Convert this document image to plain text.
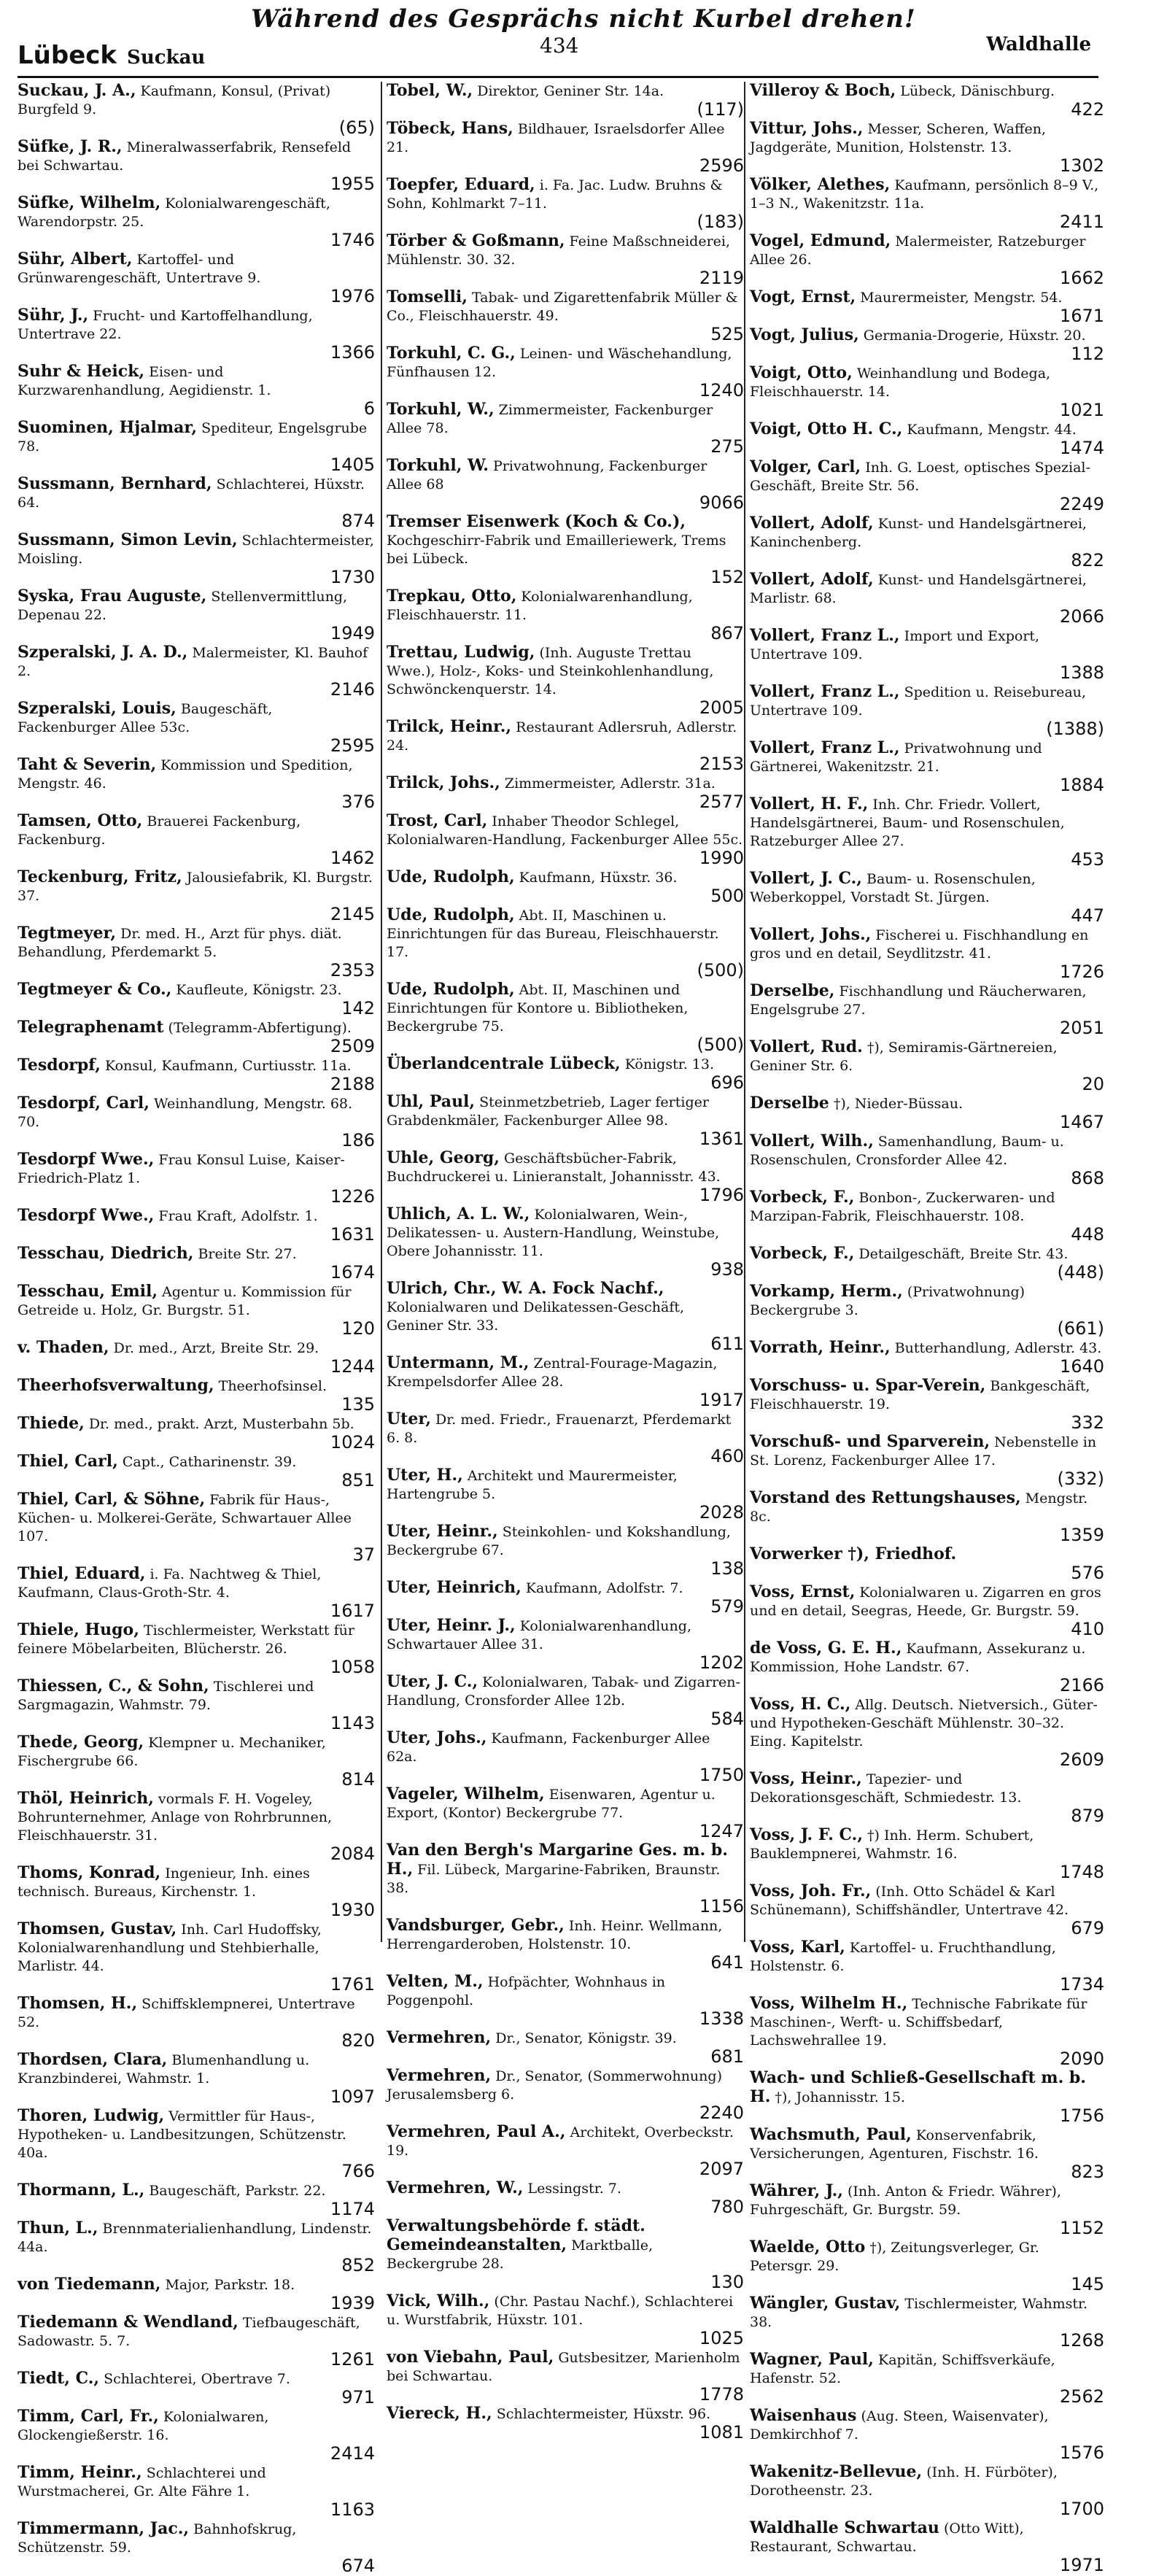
Während des Gesprächs nicht Kurbel drehen!
Lübeck Suckau	434	Waldhalle
Suckau, J. A., Kaufmann, Konsul, (Privat) Burgfeld 9.
(65)
Süfke, J. R., Mineralwasserfabrik, Rensefeld bei Schwartau.
1955
Süfke, Wilhelm, Kolonialwarengeschäft, Warendorpstr. 25.
1746
Sühr, Albert, Kartoffel- und Grünwarengeschäft, Untertrave 9.
1976
Sühr, J., Frucht- und Kartoffelhandlung, Untertrave 22.
1366
Suhr & Heick, Eisen- und Kurzwarenhandlung, Aegidienstr. 1.
6
Suominen, Hjalmar, Spediteur, Engelsgrube 78.
1405
Sussmann, Bernhard, Schlachterei, Hüxstr. 64.
874
Sussmann, Simon Levin, Schlachtermeister, Moisling.
1730
Syska, Frau Auguste, Stellenvermittlung, Depenau 22.
1949
Szperalski, J. A. D., Malermeister, Kl. Bauhof 2.
2146
Szperalski, Louis, Baugeschäft, Fackenburger Allee 53c.
2595
Taht & Severin, Kommission und Spedition, Mengstr. 46.
376
Tamsen, Otto, Brauerei Fackenburg, Fackenburg.
1462
Teckenburg, Fritz, Jalousiefabrik, Kl. Burgstr. 37.
2145
Tegtmeyer, Dr. med. H., Arzt für phys. diät. Behandlung, Pferdemarkt 5.
2353
Tegtmeyer & Co., Kaufleute, Königstr. 23.
142
Telegraphenamt (Telegramm-Abfertigung).
2509
Tesdorpf, Konsul, Kaufmann, Curtiusstr. 11a.
2188
Tesdorpf, Carl, Weinhandlung, Mengstr. 68. 70.
186
Tesdorpf Wwe., Frau Konsul Luise, Kaiser-Friedrich-Platz 1.
1226
Tesdorpf Wwe., Frau Kraft, Adolfstr. 1.
1631
Tesschau, Diedrich, Breite Str. 27.
1674
Tesschau, Emil, Agentur u. Kommission für Getreide u. Holz, Gr. Burgstr. 51.
120
v. Thaden, Dr. med., Arzt, Breite Str. 29.
1244
Theerhofsverwaltung, Theerhofsinsel.
135
Thiede, Dr. med., prakt. Arzt, Musterbahn 5b.
1024
Thiel, Carl, Capt., Catharinenstr. 39.
851
Thiel, Carl, & Söhne, Fabrik für Haus-, Küchen- u. Molkerei-Geräte, Schwartauer Allee 107.
37
Thiel, Eduard, i. Fa. Nachtweg & Thiel, Kaufmann, Claus-Groth-Str. 4.
1617
Thiele, Hugo, Tischlermeister, Werkstatt für feinere Möbelarbeiten, Blücherstr. 26.
1058
Thiessen, C., & Sohn, Tischlerei und Sargmagazin, Wahmstr. 79.
1143
Thede, Georg, Klempner u. Mechaniker, Fischergrube 66.
814
Thöl, Heinrich, vormals F. H. Vogeley, Bohrunternehmer, Anlage von Rohrbrunnen, Fleischhauerstr. 31.
2084
Thoms, Konrad, Ingenieur, Inh. eines technisch. Bureaus, Kirchenstr. 1.
1930
Thomsen, Gustav, Inh. Carl Hudoffsky, Kolonialwarenhandlung und Stehbierhalle, Marlistr. 44.
1761
Thomsen, H., Schiffsklempnerei, Untertrave 52.
820
Thordsen, Clara, Blumenhandlung u. Kranzbinderei, Wahmstr. 1.
1097
Thoren, Ludwig, Vermittler für Haus-, Hypotheken- u. Landbesitzungen, Schützenstr. 40a.
766
Thormann, L., Baugeschäft, Parkstr. 22.
1174
Thun, L., Brennmaterialienhandlung, Lindenstr. 44a.
852
von Tiedemann, Major, Parkstr. 18.
1939
Tiedemann & Wendland, Tiefbaugeschäft, Sadowastr. 5. 7.
1261
Tiedt, C., Schlachterei, Obertrave 7.
971
Timm, Carl, Fr., Kolonialwaren, Glockengießerstr. 16.
2414
Timm, Heinr., Schlachterei und Wurstmacherei, Gr. Alte Fähre 1.
1163
Timmermann, Jac., Bahnhofskrug, Schützenstr. 59.
674
Tobel, W., Direktor, Geniner Str. 14a.
(117)
Töbeck, Hans, Bildhauer, Israelsdorfer Allee 21.
2596
Toepfer, Eduard, i. Fa. Jac. Ludw. Bruhns & Sohn, Kohlmarkt 7–11.
(183)
Törber & Goßmann, Feine Maßschneiderei, Mühlenstr. 30. 32.
2119
Tomselli, Tabak- und Zigarettenfabrik Müller & Co., Fleischhauerstr. 49.
525
Torkuhl, C. G., Leinen- und Wäschehandlung, Fünfhausen 12.
1240
Torkuhl, W., Zimmermeister, Fackenburger Allee 78.
275
Torkuhl, W. Privatwohnung, Fackenburger Allee 68
9066
Tremser Eisenwerk (Koch & Co.), Kochgeschirr-Fabrik und Emailleriewerk, Trems bei Lübeck.
152
Trepkau, Otto, Kolonialwarenhandlung, Fleischhauerstr. 11.
867
Trettau, Ludwig, (Inh. Auguste Trettau Wwe.), Holz-, Koks- und Steinkohlenhandlung, Schwönckenquerstr. 14.
2005
Trilck, Heinr., Restaurant Adlersruh, Adlerstr. 24.
2153
Trilck, Johs., Zimmermeister, Adlerstr. 31a.
2577
Trost, Carl, Inhaber Theodor Schlegel, Kolonialwaren-Handlung, Fackenburger Allee 55c.
1990
Ude, Rudolph, Kaufmann, Hüxstr. 36.
500
Ude, Rudolph, Abt. II, Maschinen u. Einrichtungen für das Bureau, Fleischhauerstr. 17.
(500)
Ude, Rudolph, Abt. II, Maschinen und Einrichtungen für Kontore u. Bibliotheken, Beckergrube 75.
(500)
Überlandcentrale Lübeck, Königstr. 13.
696
Uhl, Paul, Steinmetzbetrieb, Lager fertiger Grabdenkmäler, Fackenburger Allee 98.
1361
Uhle, Georg, Geschäftsbücher-Fabrik, Buchdruckerei u. Linieranstalt, Johannisstr. 43.
1796
Uhlich, A. L. W., Kolonialwaren, Wein-, Delikatessen- u. Austern-Handlung, Weinstube, Obere Johannisstr. 11.
938
Ulrich, Chr., W. A. Fock Nachf., Kolonialwaren und Delikatessen-Geschäft, Geniner Str. 33.
611
Untermann, M., Zentral-Fourage-Magazin, Krempelsdorfer Allee 28.
1917
Uter, Dr. med. Friedr., Frauenarzt, Pferdemarkt 6. 8.
460
Uter, H., Architekt und Maurermeister, Hartengrube 5.
2028
Uter, Heinr., Steinkohlen- und Kokshandlung, Beckergrube 67.
138
Uter, Heinrich, Kaufmann, Adolfstr. 7.
579
Uter, Heinr. J., Kolonialwarenhandlung, Schwartauer Allee 31.
1202
Uter, J. C., Kolonialwaren, Tabak- und Zigarren-Handlung, Cronsforder Allee 12b.
584
Uter, Johs., Kaufmann, Fackenburger Allee 62a.
1750
Vageler, Wilhelm, Eisenwaren, Agentur u. Export, (Kontor) Beckergrube 77.
1247
Van den Bergh's Margarine Ges. m. b. H., Fil. Lübeck, Margarine-Fabriken, Braunstr. 38.
1156
Vandsburger, Gebr., Inh. Heinr. Wellmann, Herrengarderoben, Holstenstr. 10.
641
Velten, M., Hofpächter, Wohnhaus in Poggenpohl.
1338
Vermehren, Dr., Senator, Königstr. 39.
681
Vermehren, Dr., Senator, (Sommerwohnung) Jerusalemsberg 6.
2240
Vermehren, Paul A., Architekt, Overbeckstr. 19.
2097
Vermehren, W., Lessingstr. 7.
780
Verwaltungsbehörde f. städt. Gemeindeanstalten, Marktballe, Beckergrube 28.
130
Vick, Wilh., (Chr. Pastau Nachf.), Schlachterei u. Wurstfabrik, Hüxstr. 101.
1025
von Viebahn, Paul, Gutsbesitzer, Marienholm bei Schwartau.
1778
Viereck, H., Schlachtermeister, Hüxstr. 96.
1081
Villeroy & Boch, Lübeck, Dänischburg.
422
Vittur, Johs., Messer, Scheren, Waffen, Jagdgeräte, Munition, Holstenstr. 13.
1302
Völker, Alethes, Kaufmann, persönlich 8–9 V., 1–3 N., Wakenitzstr. 11a.
2411
Vogel, Edmund, Malermeister, Ratzeburger Allee 26.
1662
Vogt, Ernst, Maurermeister, Mengstr. 54.
1671
Vogt, Julius, Germania-Drogerie, Hüxstr. 20.
112
Voigt, Otto, Weinhandlung und Bodega, Fleischhauerstr. 14.
1021
Voigt, Otto H. C., Kaufmann, Mengstr. 44.
1474
Volger, Carl, Inh. G. Loest, optisches Spezial-Geschäft, Breite Str. 56.
2249
Vollert, Adolf, Kunst- und Handelsgärtnerei, Kaninchenberg.
822
Vollert, Adolf, Kunst- und Handelsgärtnerei, Marlistr. 68.
2066
Vollert, Franz L., Import und Export, Untertrave 109.
1388
Vollert, Franz L., Spedition u. Reisebureau, Untertrave 109.
(1388)
Vollert, Franz L., Privatwohnung und Gärtnerei, Wakenitzstr. 21.
1884
Vollert, H. F., Inh. Chr. Friedr. Vollert, Handelsgärtnerei, Baum- und Rosenschulen, Ratzeburger Allee 27.
453
Vollert, J. C., Baum- u. Rosenschulen, Weberkoppel, Vorstadt St. Jürgen.
447
Vollert, Johs., Fischerei u. Fischhandlung en gros und en detail, Seydlitzstr. 41.
1726
Derselbe, Fischhandlung und Räucherwaren, Engelsgrube 27.
2051
Vollert, Rud. †), Semiramis-Gärtnereien, Geniner Str. 6.
20
Derselbe †), Nieder-Büssau.
1467
Vollert, Wilh., Samenhandlung, Baum- u. Rosenschulen, Cronsforder Allee 42.
868
Vorbeck, F., Bonbon-, Zuckerwaren- und Marzipan-Fabrik, Fleischhauerstr. 108.
448
Vorbeck, F., Detailgeschäft, Breite Str. 43.
(448)
Vorkamp, Herm., (Privatwohnung) Beckergrube 3.
(661)
Vorrath, Heinr., Butterhandlung, Adlerstr. 43.
1640
Vorschuss- u. Spar-Verein, Bankgeschäft, Fleischhauerstr. 19.
332
Vorschuß- und Sparverein, Nebenstelle in St. Lorenz, Fackenburger Allee 17.
(332)
Vorstand des Rettungshauses, Mengstr. 8c.
1359
Vorwerker †), Friedhof.
576
Voss, Ernst, Kolonialwaren u. Zigarren en gros und en detail, Seegras, Heede, Gr. Burgstr. 59.
410
de Voss, G. E. H., Kaufmann, Assekuranz u. Kommission, Hohe Landstr. 67.
2166
Voss, H. C., Allg. Deutsch. Nietversich., Güter- und Hypotheken-Geschäft Mühlenstr. 30–32. Eing. Kapitelstr.
2609
Voss, Heinr., Tapezier- und Dekorationsgeschäft, Schmiedestr. 13.
879
Voss, J. F. C., †) Inh. Herm. Schubert, Bauklempnerei, Wahmstr. 16.
1748
Voss, Joh. Fr., (Inh. Otto Schädel & Karl Schünemann), Schiffshändler, Untertrave 42.
679
Voss, Karl, Kartoffel- u. Fruchthandlung, Holstenstr. 6.
1734
Voss, Wilhelm H., Technische Fabrikate für Maschinen-, Werft- u. Schiffsbedarf, Lachswehrallee 19.
2090
Wach- und Schließ-Gesellschaft m. b. H. †), Johannisstr. 15.
1756
Wachsmuth, Paul, Konservenfabrik, Versicherungen, Agenturen, Fischstr. 16.
823
Währer, J., (Inh. Anton & Friedr. Währer), Fuhrgeschäft, Gr. Burgstr. 59.
1152
Waelde, Otto †), Zeitungsverleger, Gr. Petersgr. 29.
145
Wängler, Gustav, Tischlermeister, Wahmstr. 38.
1268
Wagner, Paul, Kapitän, Schiffsverkäufe, Hafenstr. 52.
2562
Waisenhaus (Aug. Steen, Waisenvater), Demkirchhof 7.
1576
Wakenitz-Bellevue, (Inh. H. Fürböter), Dorotheenstr. 23.
1700
Waldhalle Schwartau (Otto Witt), Restaurant, Schwartau.
1971
